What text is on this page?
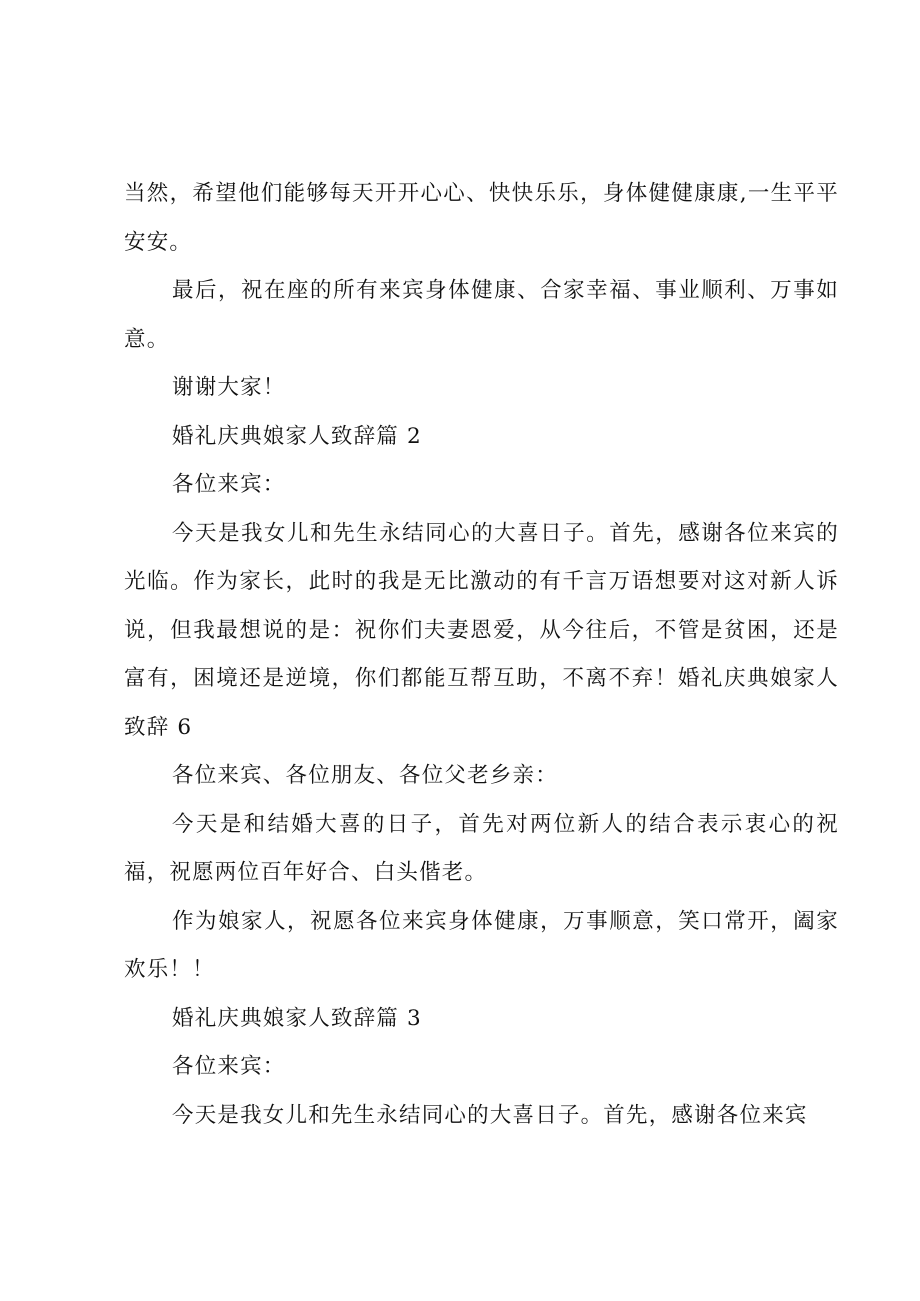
当然，希望他们能够每天开开心心、快快乐乐，身体健健康康,一生平平安安。

最后，祝在座的所有来宾身体健康、合家幸福、事业顺利、万事如意。

谢谢大家！

婚礼庆典娘家人致辞篇 2

各位来宾：

今天是我女儿和先生永结同心的大喜日子。首先，感谢各位来宾的光临。作为家长，此时的我是无比激动的有千言万语想要对这对新人诉说，但我最想说的是：祝你们夫妻恩爱，从今往后，不管是贫困，还是富有，困境还是逆境，你们都能互帮互助，不离不弃！婚礼庆典娘家人致辞 6

各位来宾、各位朋友、各位父老乡亲：

今天是和结婚大喜的日子，首先对两位新人的结合表示衷心的祝福，祝愿两位百年好合、白头偕老。

作为娘家人，祝愿各位来宾身体健康，万事顺意，笑口常开，阖家欢乐！！

婚礼庆典娘家人致辞篇 3

各位来宾：

今天是我女儿和先生永结同心的大喜日子。首先，感谢各位来宾
